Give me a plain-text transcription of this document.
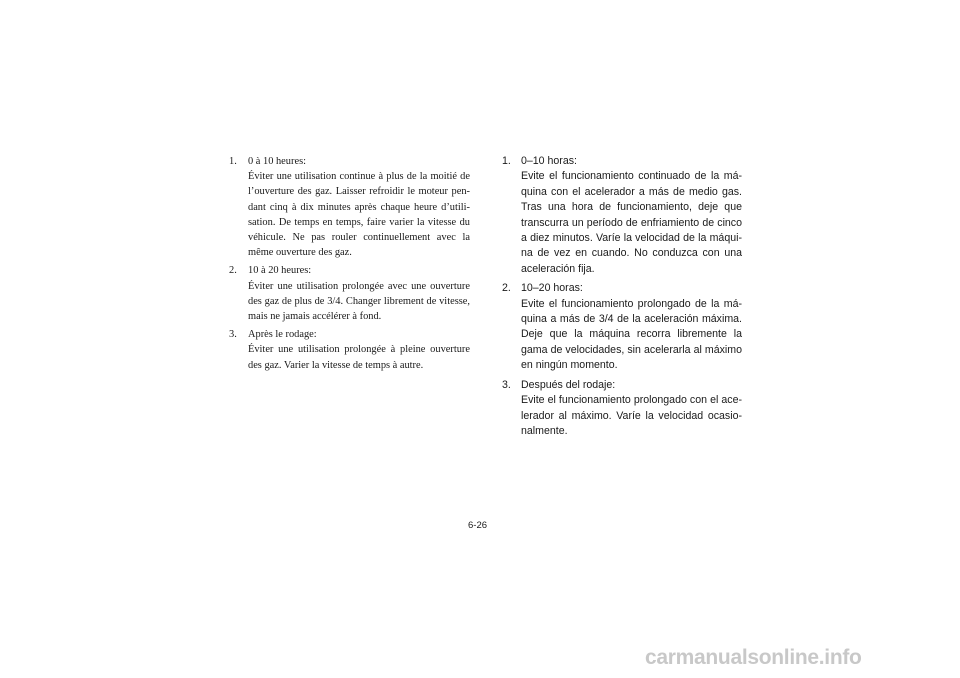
1. 0 à 10 heures:
Éviter une utilisation continue à plus de la moitié de l’ouverture des gaz. Laisser refroidir le moteur pendant cinq à dix minutes après chaque heure d’utilisation. De temps en temps, faire varier la vitesse du véhicule. Ne pas rouler continuellement avec la même ouverture des gaz.
2. 10 à 20 heures:
Éviter une utilisation prolongée avec une ouverture des gaz de plus de 3/4. Changer librement de vitesse, mais ne jamais accélérer à fond.
3. Après le rodage:
Éviter une utilisation prolongée à pleine ouverture des gaz. Varier la vitesse de temps à autre.
1. 0–10 horas:
Evite el funcionamiento continuado de la máquina con el acelerador a más de medio gas. Tras una hora de funcionamiento, deje que transcurra un período de enfriamiento de cinco a diez minutos. Varíe la velocidad de la máquina de vez en cuando. No conduzca con una aceleración fija.
2. 10–20 horas:
Evite el funcionamiento prolongado de la máquina a más de 3/4 de la aceleración máxima. Deje que la máquina recorra libremente la gama de velocidades, sin acelerarla al máximo en ningún momento.
3. Después del rodaje:
Evite el funcionamiento prolongado con el acelerador al máximo. Varíe la velocidad ocasionalmente.
6-26
carmanualsonline.info
